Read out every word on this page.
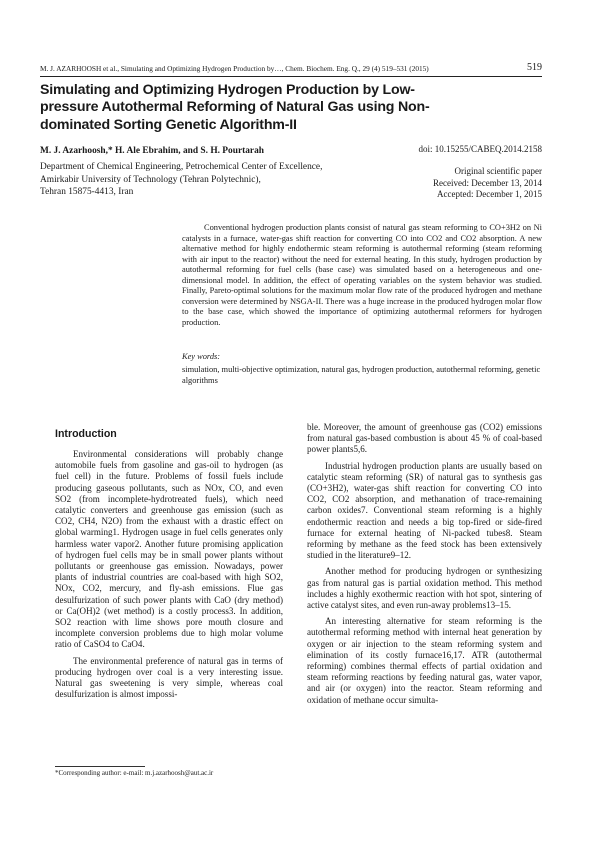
M. J. AZARHOOSH et al., Simulating and Optimizing Hydrogen Production by…, Chem. Biochem. Eng. Q., 29 (4) 519–531 (2015)	519
Simulating and Optimizing Hydrogen Production by Low-pressure Autothermal Reforming of Natural Gas using Non-dominated Sorting Genetic Algorithm-II
M. J. Azarhoosh,* H. Ale Ebrahim, and S. H. Pourtarah	doi: 10.15255/CABEQ.2014.2158
Department of Chemical Engineering, Petrochemical Center of Excellence,
Amirkabir University of Technology (Tehran Polytechnic),
Tehran 15875-4413, Iran
Original scientific paper
Received: December 13, 2014
Accepted: December 1, 2015

Conventional hydrogen production plants consist of natural gas steam reforming to CO+3H2 on Ni catalysts in a furnace, water-gas shift reaction for converting CO into CO2 and CO2 absorption. A new alternative method for highly endothermic steam reforming is autothermal reforming (steam reforming with air input to the reactor) without the need for external heating. In this study, hydrogen production by autothermal reforming for fuel cells (base case) was simulated based on a heterogeneous and one-dimensional model. In addition, the effect of operating variables on the system behavior was studied. Finally, Pareto-optimal solutions for the maximum molar flow rate of the produced hydrogen and methane conversion were determined by NSGA-II. There was a huge increase in the produced hydrogen molar flow to the base case, which showed the importance of optimizing autothermal reformers for hydrogen production.

Key words:
simulation, multi-objective optimization, natural gas, hydrogen production, autothermal reforming, genetic algorithms
Introduction

Environmental considerations will probably change automobile fuels from gasoline and gas-oil to hydrogen (as fuel cell) in the future. Problems of fossil fuels include producing gaseous pollutants, such as NOx, CO, and even SO2 (from incomplete-hydrotreated fuels), which need catalytic converters and greenhouse gas emission (such as CO2, CH4, N2O) from the exhaust with a drastic effect on global warming1. Hydrogen usage in fuel cells generates only harmless water vapor2. Another future promising application of hydrogen fuel cells may be in small power plants without pollutants or greenhouse gas emission. Nowadays, power plants of industrial countries are coal-based with high SO2, NOx, CO2, mercury, and fly-ash emissions. Flue gas desulfurization of such power plants with CaO (dry method) or Ca(OH)2 (wet method) is a costly process3. In addition, SO2 reaction with lime shows pore mouth closure and incomplete conversion problems due to high molar volume ratio of CaSO4 to CaO4.

The environmental preference of natural gas in terms of producing hydrogen over coal is a very interesting issue. Natural gas sweetening is very simple, whereas coal desulfurization is almost impossi-

ble. Moreover, the amount of greenhouse gas (CO2) emissions from natural gas-based combustion is about 45 % of coal-based power plants5,6.

Industrial hydrogen production plants are usually based on catalytic steam reforming (SR) of natural gas to synthesis gas (CO+3H2), water-gas shift reaction for converting CO into CO2, CO2 absorption, and methanation of trace-remaining carbon oxides7. Conventional steam reforming is a highly endothermic reaction and needs a big top-fired or side-fired furnace for external heating of Ni-packed tubes8. Steam reforming by methane as the feed stock has been extensively studied in the literature9–12.

Another method for producing hydrogen or synthesizing gas from natural gas is partial oxidation method. This method includes a highly exothermic reaction with hot spot, sintering of active catalyst sites, and even run-away problems13–15.

An interesting alternative for steam reforming is the autothermal reforming method with internal heat generation by oxygen or air injection to the steam reforming system and elimination of its costly furnace16,17. ATR (autothermal reforming) combines thermal effects of partial oxidation and steam reforming reactions by feeding natural gas, water vapor, and air (or oxygen) into the reactor. Steam reforming and oxidation of methane occur simulta-

*Corresponding author: e-mail: m.j.azarhoosh@aut.ac.ir
